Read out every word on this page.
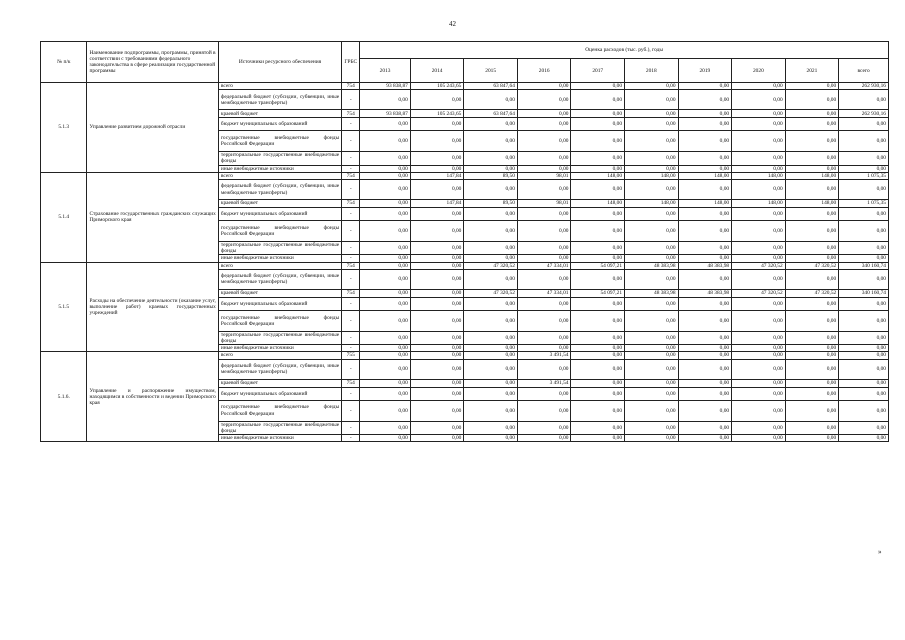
42
№ п/к	Наименование подпрограммы, программы, принятой в соответствии с требованиями федерального законодательства в сфере реализации государственной программы	Источники ресурсного обеспечения	ГРБС	Оценка расходов (тыс. руб.), годы									
				2013	2014	2015	2016	2017	2018	2019	2020	2021	всего
5.1.3	Управление развитием дорожной отрасли	всего	754	93 838,87	105 243,65	63 847,64	0,00	0,00	0,00	0,00	0,00	0,00	262 930,16
		федеральный бюджет (субсидии, субвенции, иные межбюджетные трансферты)	-	0,00	0,00	0,00	0,00	0,00	0,00	0,00	0,00	0,00	0,00
		краевой бюджет	754	93 838,87	105 243,65	63 847,64	0,00	0,00	0,00	0,00	0,00	0,00	262 930,16
		бюджет муниципальных образований	-	0,00	0,00	0,00	0,00	0,00	0,00	0,00	0,00	0,00	0,00
		государственные внебюджетные фонды Российской Федерации	-	0,00	0,00	0,00	0,00	0,00	0,00	0,00	0,00	0,00	0,00
		территориальные государственные внебюджетные фонды	-	0,00	0,00	0,00	0,00	0,00	0,00	0,00	0,00	0,00	0,00
		иные внебюджетные источники	-	0,00	0,00	0,00	0,00	0,00	0,00	0,00	0,00	0,00	0,00
5.1.4	Страхование государственных гражданских служащих Приморского края	всего	754	0,00	147,84	89,50	98,01	148,00	148,00	148,00	148,00	148,00	1 075,35
		федеральный бюджет (субсидии, субвенции, иные межбюджетные трансферты)	-	0,00	0,00	0,00	0,00	0,00	0,00	0,00	0,00	0,00	0,00
		краевой бюджет	754	0,00	147,84	89,50	98,01	148,00	148,00	148,00	148,00	148,00	1 075,35
		бюджет муниципальных образований	-	0,00	0,00	0,00	0,00	0,00	0,00	0,00	0,00	0,00	0,00
		государственные внебюджетные фонды Российской Федерации	-	0,00	0,00	0,00	0,00	0,00	0,00	0,00	0,00	0,00	0,00
		территориальные государственные внебюджетные фонды	-	0,00	0,00	0,00	0,00	0,00	0,00	0,00	0,00	0,00	0,00
		иные внебюджетные источники	-	0,00	0,00	0,00	0,00	0,00	0,00	0,00	0,00	0,00	0,00
5.1.5	Расходы на обеспечение деятельности (оказание услуг, выполнение работ) краевых государственных учреждений	всего	754	0,00	0,00	47 320,52	47 334,01	54 097,21	48 383,98	48 383,98	47 320,52	47 320,52	340 160,74
		федеральный бюджет (субсидии, субвенции, иные межбюджетные трансферты)	-	0,00	0,00	0,00	0,00	0,00	0,00	0,00	0,00	0,00	0,00
		краевой бюджет	754	0,00	0,00	47 320,52	47 334,01	54 097,21	48 383,98	48 383,98	47 320,52	47 320,52	340 160,74
		бюджет муниципальных образований	-	0,00	0,00	0,00	0,00	0,00	0,00	0,00	0,00	0,00	0,00
		государственные внебюджетные фонды Российской Федерации	-	0,00	0,00	0,00	0,00	0,00	0,00	0,00	0,00	0,00	0,00
		территориальные государственные внебюджетные фонды	-	0,00	0,00	0,00	0,00	0,00	0,00	0,00	0,00	0,00	0,00
		иные внебюджетные источники	-	0,00	0,00	0,00	0,00	0,00	0,00	0,00	0,00	0,00	0,00
5.1.6.	Управление и распоряжение имуществом, находящимся в собственности и ведении Приморского края	всего	755	0,00	0,00	0,00	3 491,54	0,00	0,00	0,00	0,00	0,00	0,00
		федеральный бюджет (субсидии, субвенции, иные межбюджетные трансферты)	-	0,00	0,00	0,00	0,00	0,00	0,00	0,00	0,00	0,00	0,00
		краевой бюджет	754	0,00	0,00	0,00	3 491,54	0,00	0,00	0,00	0,00	0,00	0,00
		бюджет муниципальных образований	-	0,00	0,00	0,00	0,00	0,00	0,00	0,00	0,00	0,00	0,00
		государственные внебюджетные фонды Российской Федерации	-	0,00	0,00	0,00	0,00	0,00	0,00	0,00	0,00	0,00	0,00
		территориальные государственные внебюджетные фонды	-	0,00	0,00	0,00	0,00	0,00	0,00	0,00	0,00	0,00	0,00
		иные внебюджетные источники	-	0,00	0,00	0,00	0,00	0,00	0,00	0,00	0,00	0,00	0,00
»
